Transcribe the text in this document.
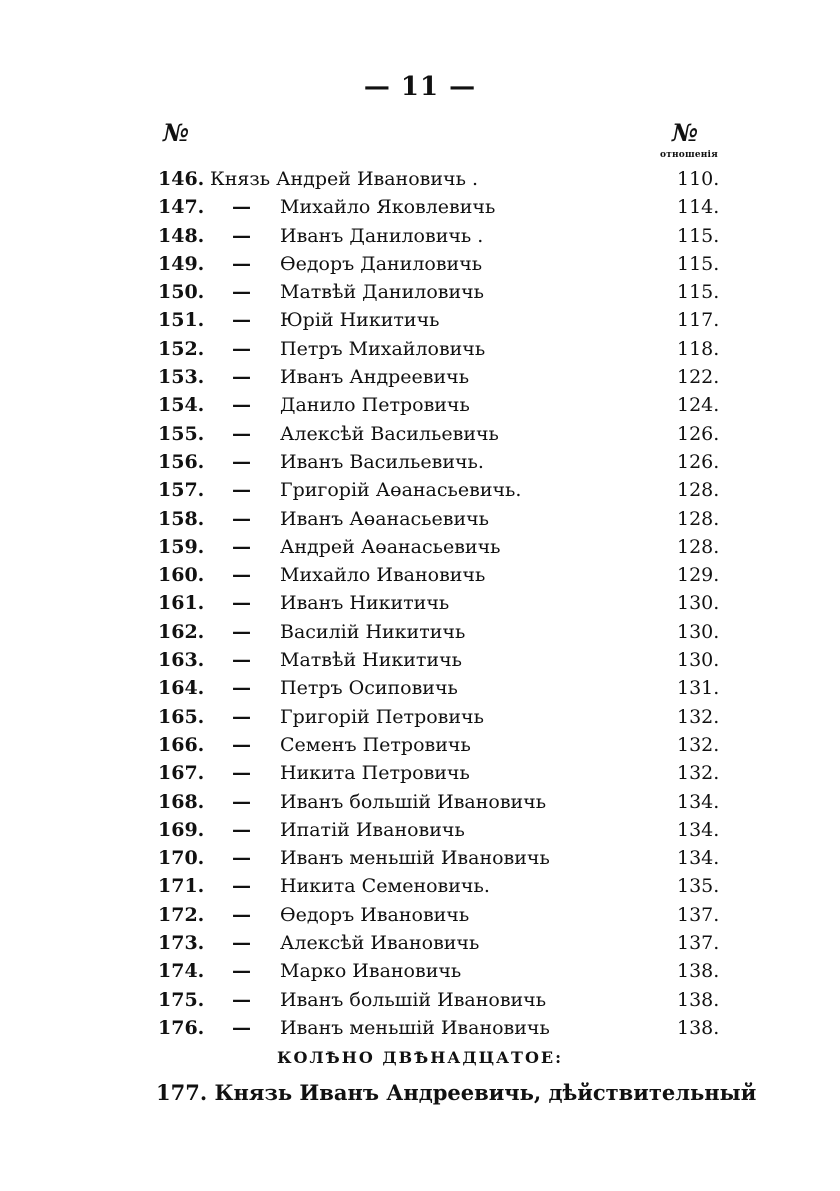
— 11 —
№	№
отношенія
146. Князь Андрей Ивановичь .	110.
147. — Михайло Яковлевичь	114.
148. — Иванъ Даниловичь .	115.
149. — Өедоръ Даниловичь	115.
150. — Матвѣй Даниловичь	115.
151. — Юрій Никитичь	117.
152. — Петръ Михайловичь	118.
153. — Иванъ Андреевичь	122.
154. — Данило Петровичь	124.
155. — Алексѣй Васильевичь	126.
156. — Иванъ Васильевичь.	126.
157. — Григорій Аөанасьевичь.	128.
158. — Иванъ Аөанасьевичь	128.
159. — Андрей Аөанасьевичь	128.
160. — Михайло Ивановичь	129.
161. — Иванъ Никитичь	130.
162. — Василій Никитичь	130.
163. — Матвѣй Никитичь	130.
164. — Петръ Осиповичь	131.
165. — Григорій Петровичь	132.
166. — Семенъ Петровичь	132.
167. — Никита Петровичь	132.
168. — Иванъ большій Ивановичь	134.
169. — Ипатій Ивановичь	134.
170. — Иванъ меньшій Ивановичь	134.
171. — Никита Семеновичь.	135.
172. — Өедоръ Ивановичь	137.
173. — Алексѣй Ивановичь	137.
174. — Марко Ивановичь	138.
175. — Иванъ большій Ивановичь	138.
176. — Иванъ меньшій Ивановичь	138.
КОЛѢНО ДВѢНАДЦАТОЕ:
177. Князь Иванъ Андреевичь, дѣйствительный
